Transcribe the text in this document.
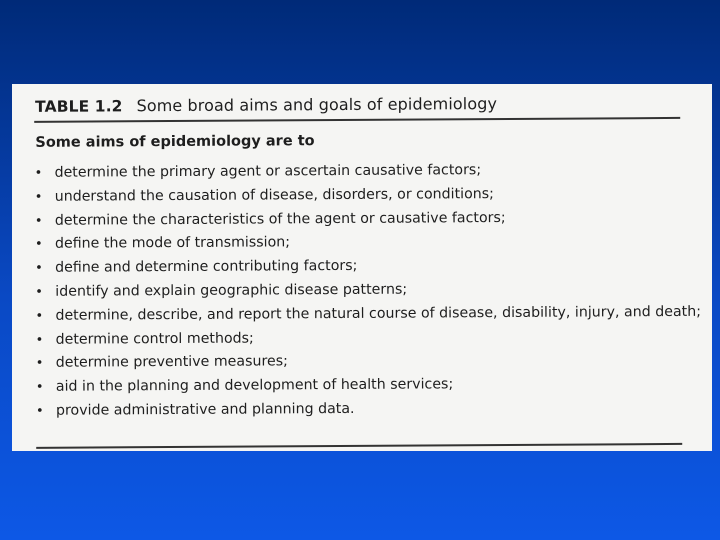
TABLE 1.2 Some broad aims and goals of epidemiology
Some aims of epidemiology are to
• determine the primary agent or ascertain causative factors;
• understand the causation of disease, disorders, or conditions;
• determine the characteristics of the agent or causative factors;
• define the mode of transmission;
• define and determine contributing factors;
• identify and explain geographic disease patterns;
• determine, describe, and report the natural course of disease, disability, injury, and death;
• determine control methods;
• determine preventive measures;
• aid in the planning and development of health services;
• provide administrative and planning data.
